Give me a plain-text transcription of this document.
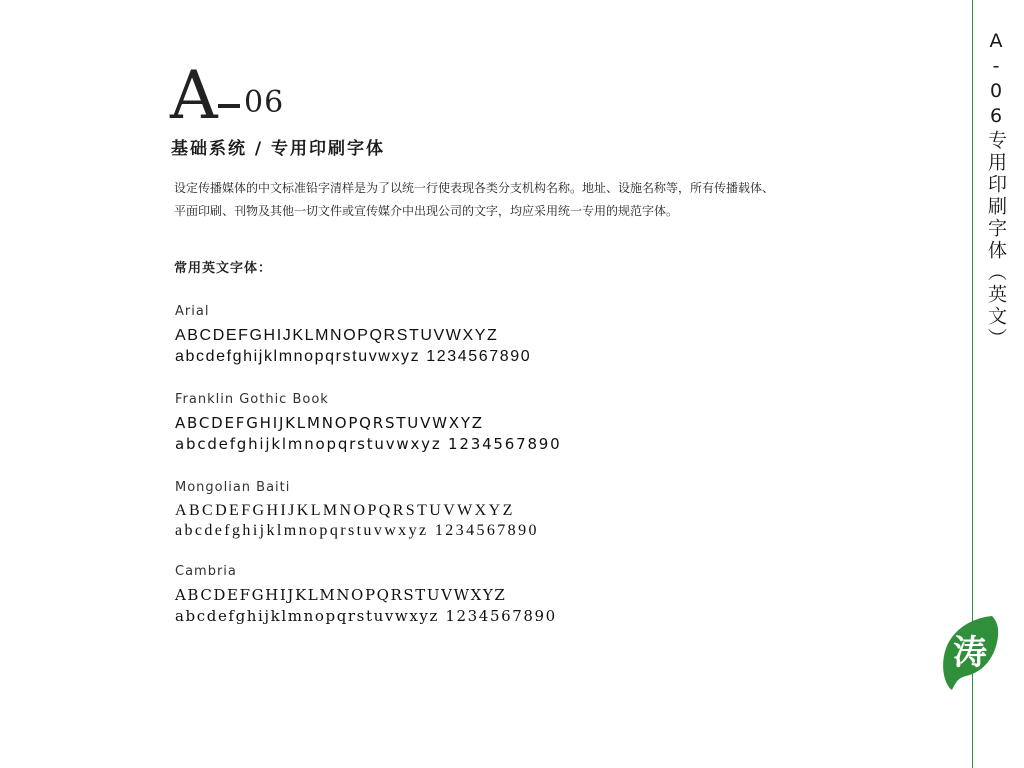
A 06
基础系统 / 专用印刷字体

设定传播媒体的中文标准铅字清样是为了以统一行使表现各类分支机构名称。地址、设施名称等，所有传播载体、

平面印刷、刊物及其他一切文件或宣传媒介中出现公司的文字，均应采用统一专用的规范字体。

常用英文字体：
Arial
ABCDEFGHIJKLMNOPQRSTUVWXYZ
abcdefghijklmnopqrstuvwxyz 1234567890
Franklin Gothic Book
ABCDEFGHIJKLMNOPQRSTUVWXYZ
abcdefghijklmnopqrstuvwxyz 1234567890
Mongolian Baiti
ABCDEFGHIJKLMNOPQRSTUVWXYZ
abcdefghijklmnopqrstuvwxyz 1234567890
Cambria
ABCDEFGHIJKLMNOPQRSTUVWXYZ
abcdefghijklmnopqrstuvwxyz 1234567890
A-06专用印刷字体（英文）
涛
